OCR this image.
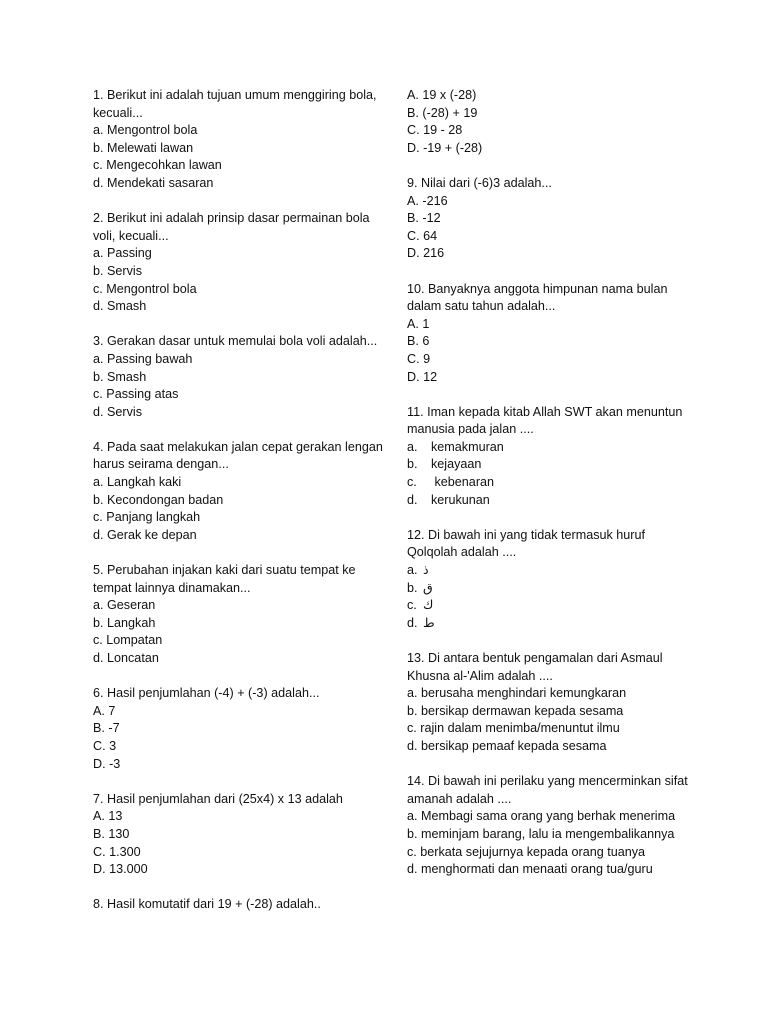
1. Berikut ini adalah tujuan umum menggiring bola, kecuali...
a. Mengontrol bola
b. Melewati lawan
c. Mengecohkan lawan
d. Mendekati sasaran
2. Berikut ini adalah prinsip dasar permainan bola voli, kecuali...
a. Passing
b. Servis
c. Mengontrol bola
d. Smash
3. Gerakan dasar untuk memulai bola voli adalah...
a. Passing bawah
b. Smash
c. Passing atas
d. Servis
4. Pada saat melakukan jalan cepat gerakan lengan harus seirama dengan...
a. Langkah kaki
b. Kecondongan badan
c. Panjang langkah
d. Gerak ke depan
5. Perubahan injakan kaki dari suatu tempat ke tempat lainnya dinamakan...
a. Geseran
b. Langkah
c. Lompatan
d. Loncatan
6. Hasil penjumlahan (-4) + (-3) adalah...
A. 7
B. -7
C. 3
D. -3
7. Hasil penjumlahan dari (25x4) x 13 adalah
A. 13
B. 130
C. 1.300
D. 13.000
8. Hasil komutatif dari 19 + (-28) adalah..
A. 19 x (-28)
B. (-28) + 19
C. 19 - 28
D. -19 + (-28)
9. Nilai dari (-6)3 adalah...
A. -216
B. -12
C. 64
D. 216
10. Banyaknya anggota himpunan nama bulan dalam satu tahun adalah...
A. 1
B. 6
C. 9
D. 12
11. Iman kepada kitab Allah SWT akan menuntun manusia pada jalan ....
a. kemakmuran
b. kejayaan
c. kebenaran
d. kerukunan
12. Di bawah ini yang tidak termasuk huruf Qolqolah adalah ....
a. ذ
b. ق
c. ك
d. ط
13. Di antara bentuk pengamalan dari Asmaul Khusna al-'Alim adalah ....
a. berusaha menghindari kemungkaran
b. bersikap dermawan kepada sesama
c. rajin dalam menimba/menuntut ilmu
d. bersikap pemaaf kepada sesama
14. Di bawah ini perilaku yang mencerminkan sifat amanah adalah ....
a. Membagi sama orang yang berhak menerima
b. meminjam barang, lalu ia mengembalikannya
c. berkata sejujurnya kepada orang tuanya
d. menghormati dan menaati orang tua/guru
